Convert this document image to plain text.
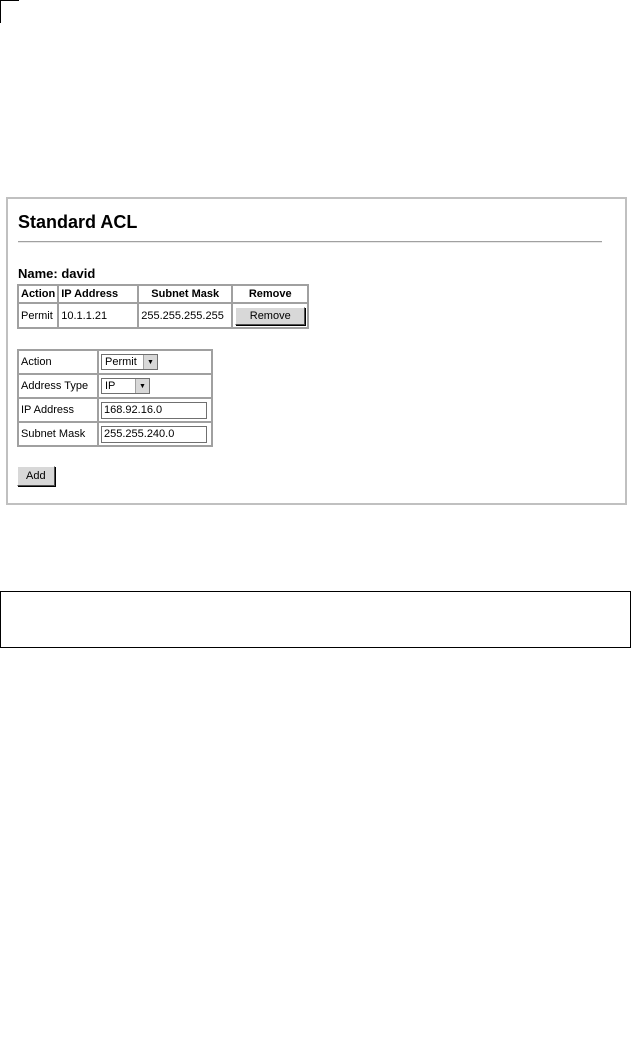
Standard ACL
Name: david
Action	IP Address	Subnet Mask	Remove
Permit	10.1.1.21	255.255.255.255	Remove
Action	Permit ▼

Address Type	IP ▼

IP Address	168.92.16.0
Subnet Mask	255.255.240.0
Add
